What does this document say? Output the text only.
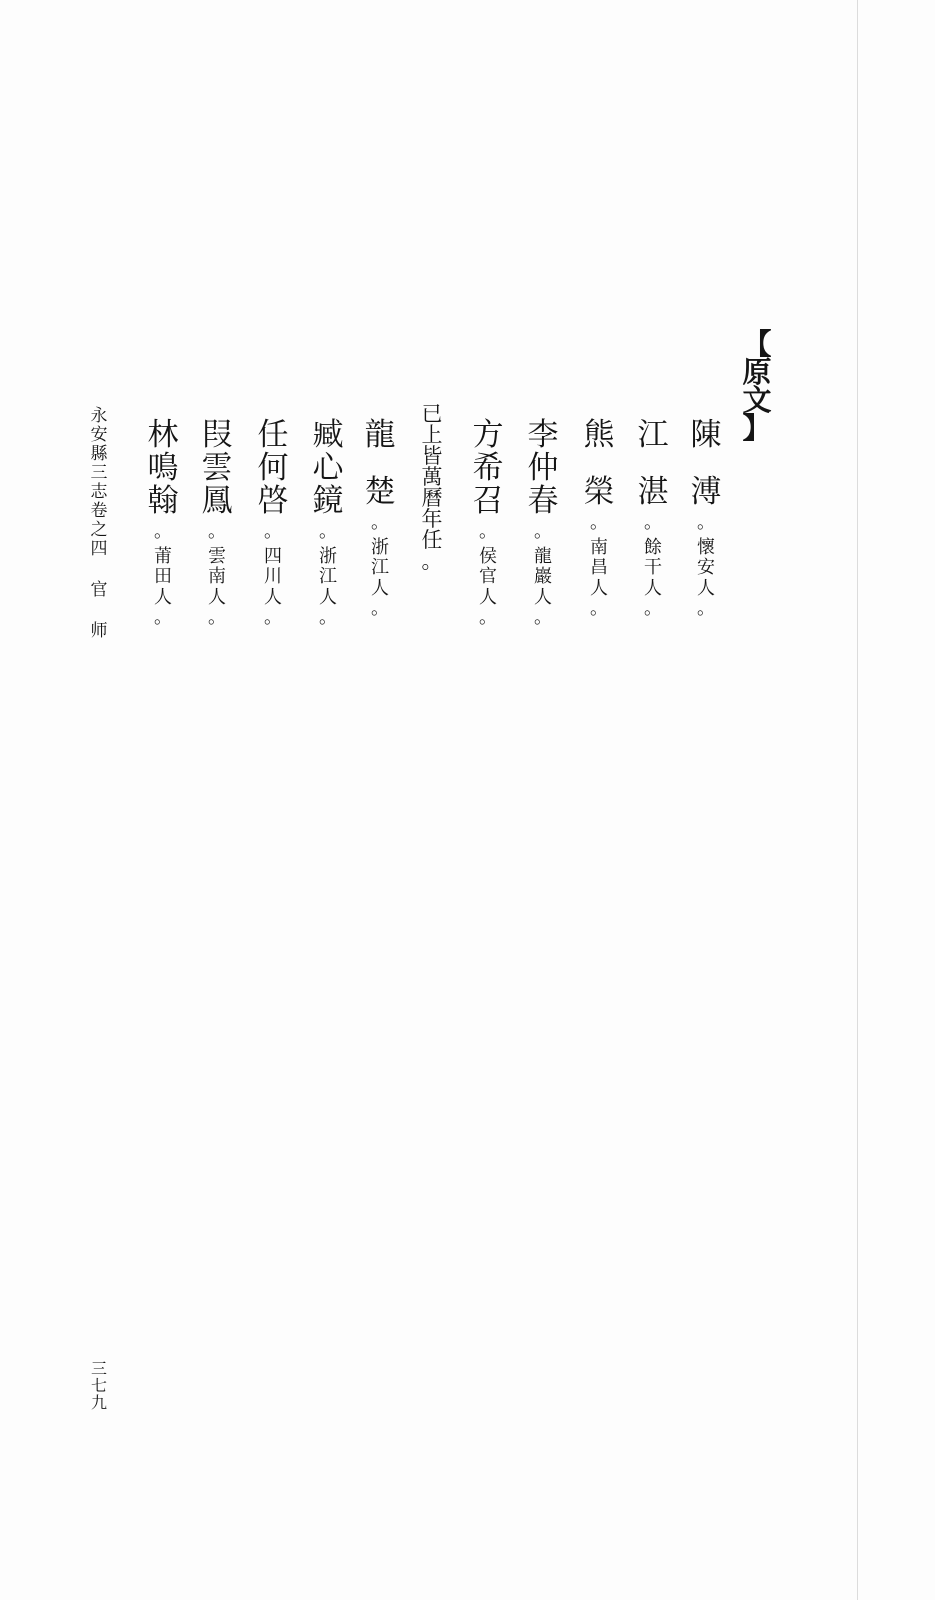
【
原
文
】
陳
溥
。
懷
安
人
。
江
湛
。
餘
干
人
。
熊
榮
。
南
昌
人
。
李
仲
春
。
龍
巖
人
。
方
希
召
。
侯
官
人
。
已
上
皆
萬
曆
年
任
。
龍
楚
。
浙
江
人
。
臧
心
鏡
。
浙
江
人
。
任
何
啓
。
四
川
人
。
叚
雲
鳳
。
雲
南
人
。
林
鳴
翰
。
莆
田
人
。
永
安
縣
三
志
卷
之
四
官
师
三
七
九
